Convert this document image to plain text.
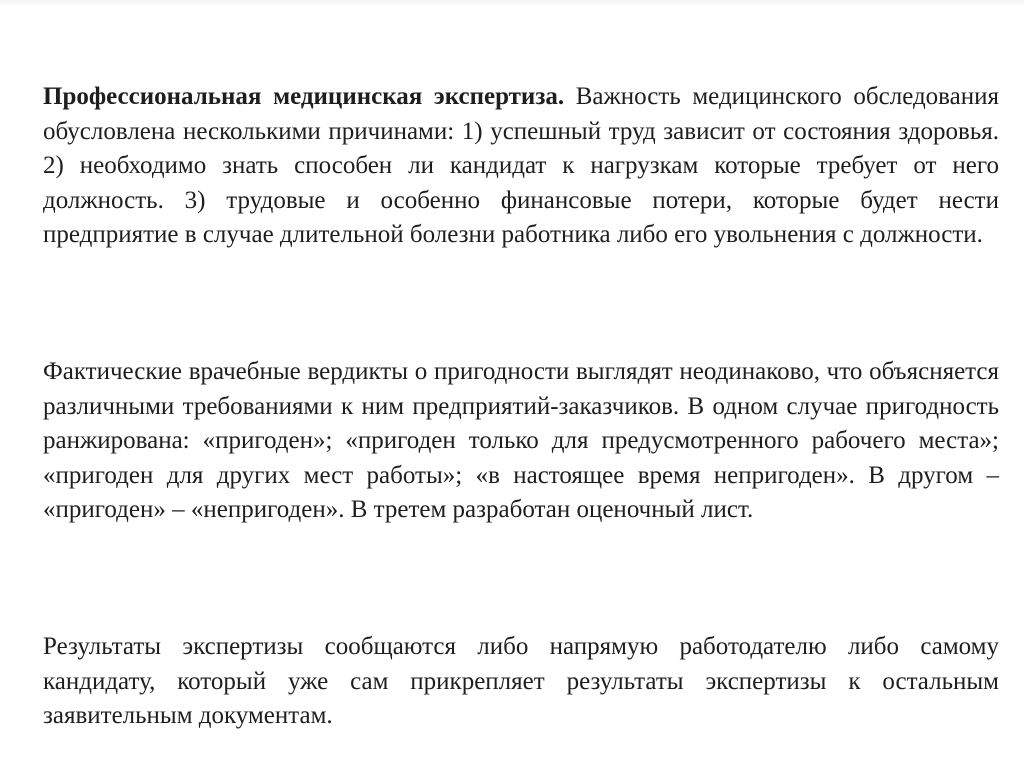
Профессиональная медицинская экспертиза. Важность медицинского обследования обусловлена несколькими причинами: 1) успешный труд зависит от состояния здоровья. 2) необходимо знать способен ли кандидат к нагрузкам которые требует от него должность. 3) трудовые и особенно финансовые потери, которые будет нести предприятие в случае длительной болезни работника либо его увольнения с должности.

Фактические врачебные вердикты о пригодности выглядят неодинаково, что объясняется различными требованиями к ним предприятий-заказчиков. В одном случае пригодность ранжирована: «пригоден»; «пригоден только для предусмотренного рабочего места»; «пригоден для других мест работы»; «в настоящее время непригоден». В другом – «пригоден» – «непригоден». В третем разработан оценочный лист.

Результаты экспертизы сообщаются либо напрямую работодателю либо самому кандидату, который уже сам прикрепляет результаты экспертизы к остальным заявительным документам.
